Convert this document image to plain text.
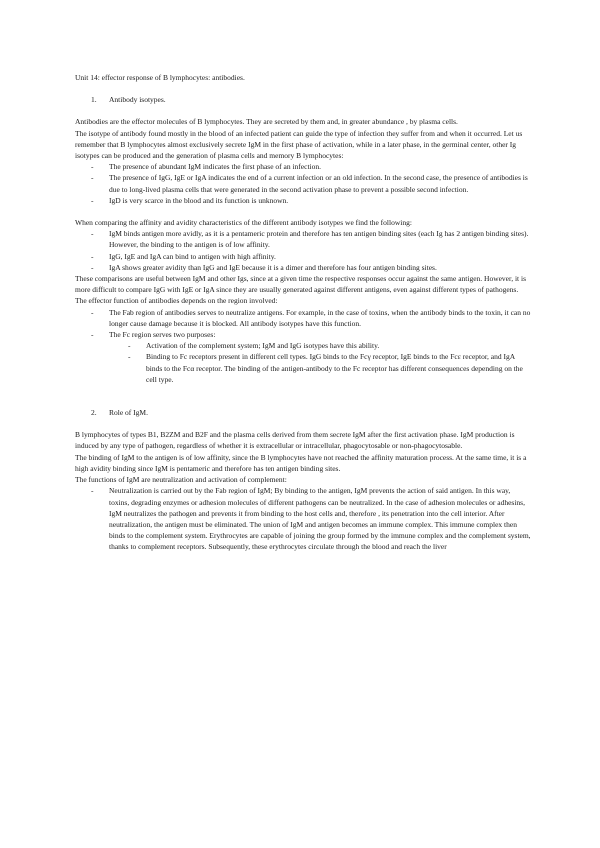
Unit 14: effector response of B lymphocytes: antibodies.

1. Antibody isotypes.

Antibodies are the effector molecules of B lymphocytes. They are secreted by them and, in greater abundance , by plasma cells.

The isotype of antibody found mostly in the blood of an infected patient can guide the type of infection they suffer from and when it occurred. Let us remember that B lymphocytes almost exclusively secrete IgM in the first phase of activation, while in a later phase, in the germinal center, other Ig isotypes can be produced and the generation of plasma cells and memory B lymphocytes:

- The presence of abundant IgM indicates the first phase of an infection.
- The presence of IgG, IgE or IgA indicates the end of a current infection or an old infection. In the second case, the presence of antibodies is due to long-lived plasma cells that were generated in the second activation phase to prevent a possible second infection.
- IgD is very scarce in the blood and its function is unknown.

When comparing the affinity and avidity characteristics of the different antibody isotypes we find the following:

- IgM binds antigen more avidly, as it is a pentameric protein and therefore has ten antigen binding sites (each Ig has 2 antigen binding sites). However, the binding to the antigen is of low affinity.
- IgG, IgE and IgA can bind to antigen with high affinity.
- IgA shows greater avidity than IgG and IgE because it is a dimer and therefore has four antigen binding sites.

These comparisons are useful between IgM and other Igs, since at a given time the respective responses occur against the same antigen. However, it is more difficult to compare IgG with IgE or IgA since they are usually generated against different antigens, even against different types of pathogens.

The effector function of antibodies depends on the region involved:

- The Fab region of antibodies serves to neutralize antigens. For example, in the case of toxins, when the antibody binds to the toxin, it can no longer cause damage because it is blocked. All antibody isotypes have this function.
- The Fc region serves two purposes:
- Activation of the complement system; IgM and IgG isotypes have this ability.
- Binding to Fc receptors present in different cell types. IgG binds to the Fcγ receptor, IgE binds to the Fcε receptor, and IgA binds to the Fcα receptor. The binding of the antigen-antibody to the Fc receptor has different consequences depending on the cell type.
2. Role of IgM.

B lymphocytes of types B1, B2ZM and B2F and the plasma cells derived from them secrete IgM after the first activation phase. IgM production is induced by any type of pathogen, regardless of whether it is extracellular or intracellular, phagocytosable or non-phagocytosable.

The binding of IgM to the antigen is of low affinity, since the B lymphocytes have not reached the affinity maturation process. At the same time, it is a high avidity binding since IgM is pentameric and therefore has ten antigen binding sites.

The functions of IgM are neutralization and activation of complement:

- Neutralization is carried out by the Fab region of IgM; By binding to the antigen, IgM prevents the action of said antigen. In this way, toxins, degrading enzymes or adhesion molecules of different pathogens can be neutralized. In the case of adhesion molecules or adhesins, IgM neutralizes the pathogen and prevents it from binding to the host cells and, therefore , its penetration into the cell interior. After neutralization, the antigen must be eliminated. The union of IgM and antigen becomes an immune complex. This immune complex then binds to the complement system. Erythrocytes are capable of joining the group formed by the immune complex and the complement system, thanks to complement receptors. Subsequently, these erythrocytes circulate through the blood and reach the liver
